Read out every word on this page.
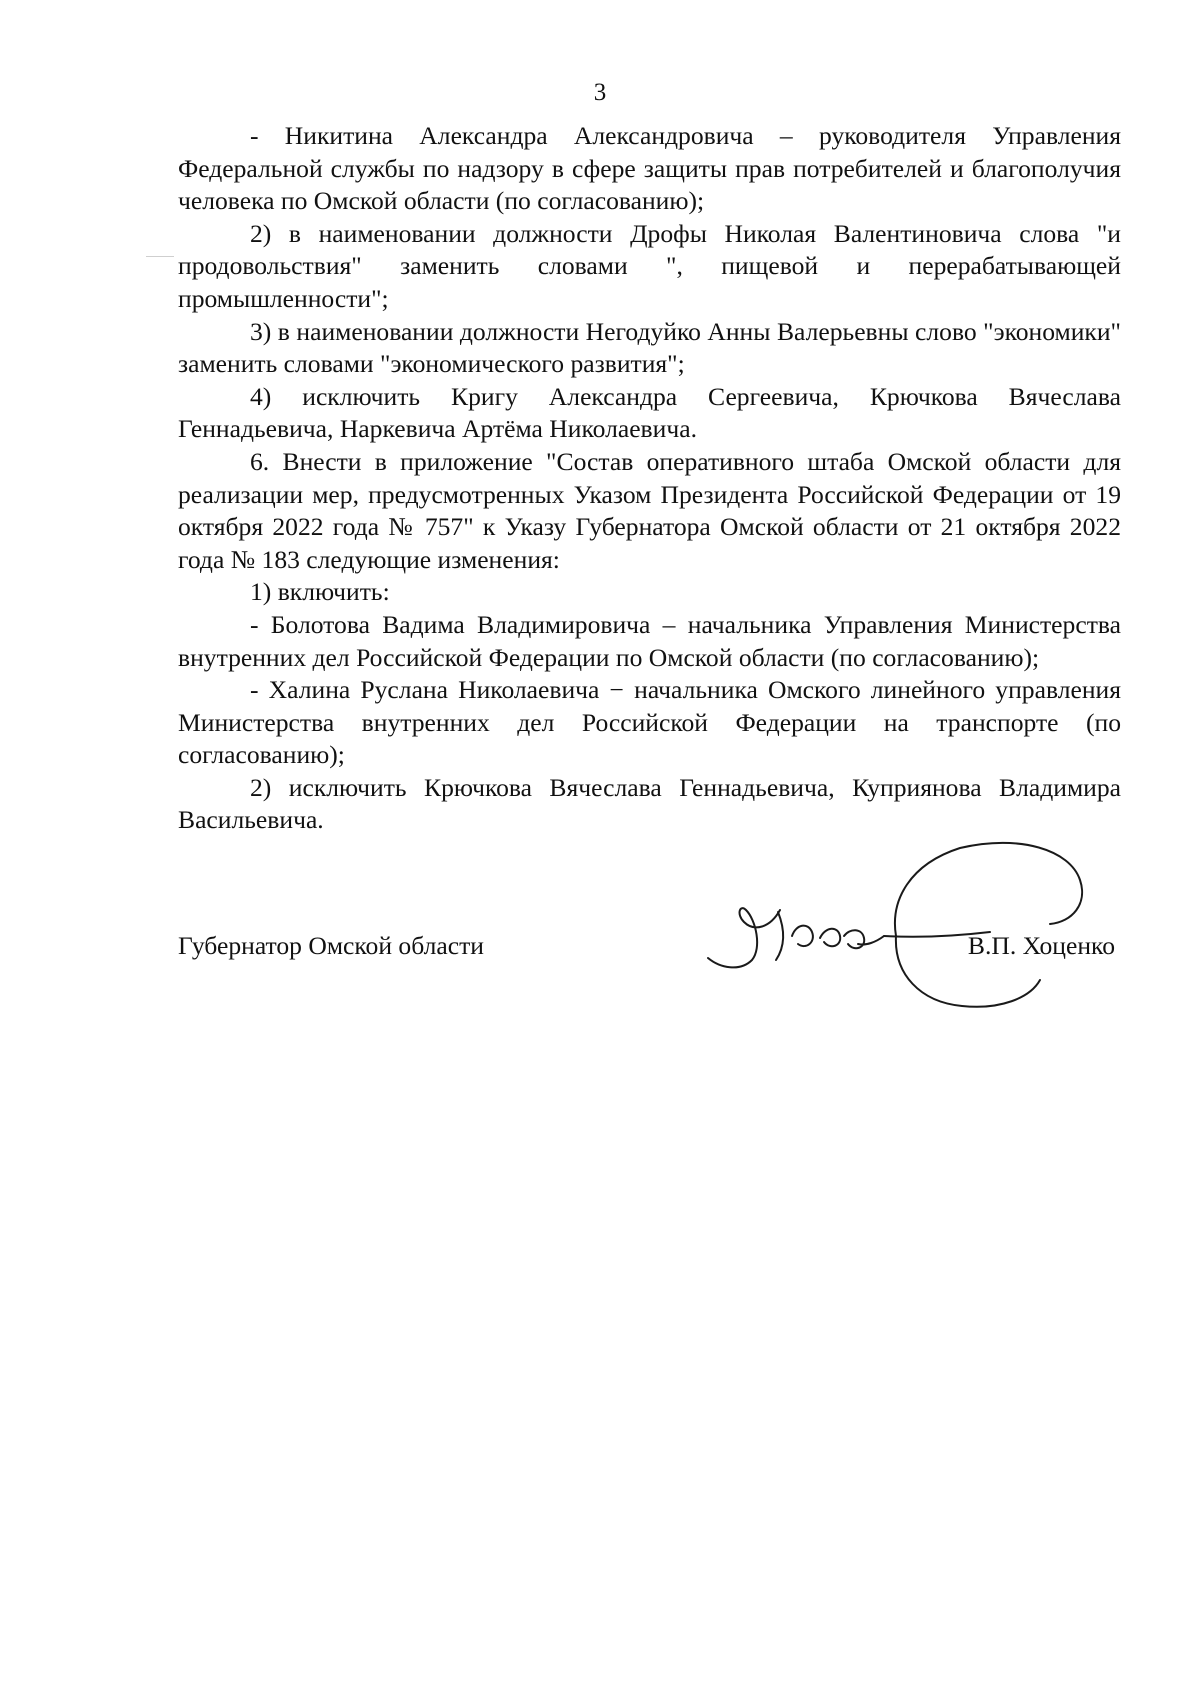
3

- Никитина Александра Александровича – руководителя Управления Федеральной службы по надзору в сфере защиты прав потребителей и благополучия человека по Омской области (по согласованию);

2) в наименовании должности Дрофы Николая Валентиновича слова "и продовольствия" заменить словами ", пищевой и перерабатывающей промышленности";

3) в наименовании должности Негодуйко Анны Валерьевны слово "экономики" заменить словами "экономического развития";

4) исключить Кригу Александра Сергеевича, Крючкова Вячеслава Геннадьевича, Наркевича Артёма Николаевича.

6. Внести в приложение "Состав оперативного штаба Омской области для реализации мер, предусмотренных Указом Президента Российской Федерации от 19 октября 2022 года № 757" к Указу Губернатора Омской области от 21 октября 2022 года № 183 следующие изменения:

1) включить:

- Болотова Вадима Владимировича – начальника Управления Министерства внутренних дел Российской Федерации по Омской области (по согласованию);

- Халина Руслана Николаевича − начальника Омского линейного управления Министерства внутренних дел Российской Федерации на транспорте (по согласованию);

2) исключить Крючкова Вячеслава Геннадьевича, Куприянова Владимира Васильевича.

Губернатор Омской области	В.П. Хоценко
